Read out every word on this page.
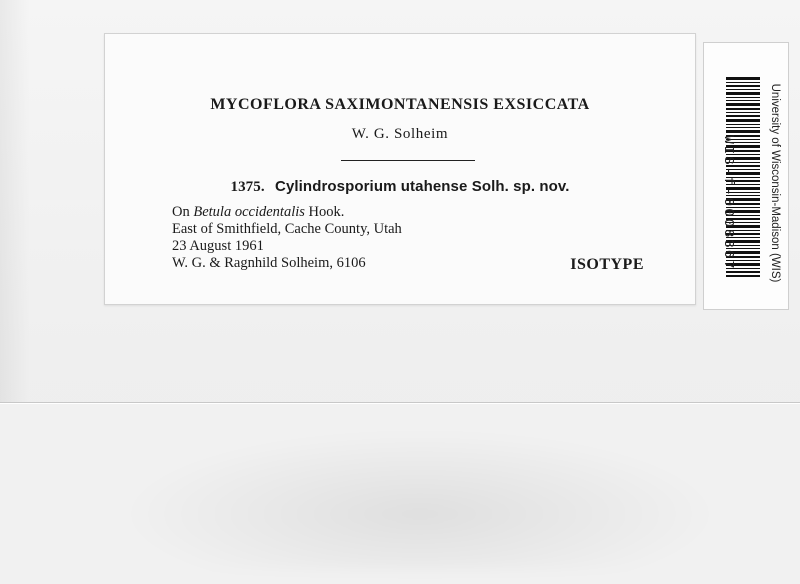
MYCOFLORA SAXIMONTANENSIS EXSICCATA
W. G. Solheim
1375. Cylindrosporium utahense Solh. sp. nov.
On Betula occidentalis Hook.
East of Smithfield, Cache County, Utah
23 August 1961
W. G. & Ragnhild Solheim, 6106	ISOTYPE	WIS-f-0008367	University of Wisconsin-Madison (WIS)
